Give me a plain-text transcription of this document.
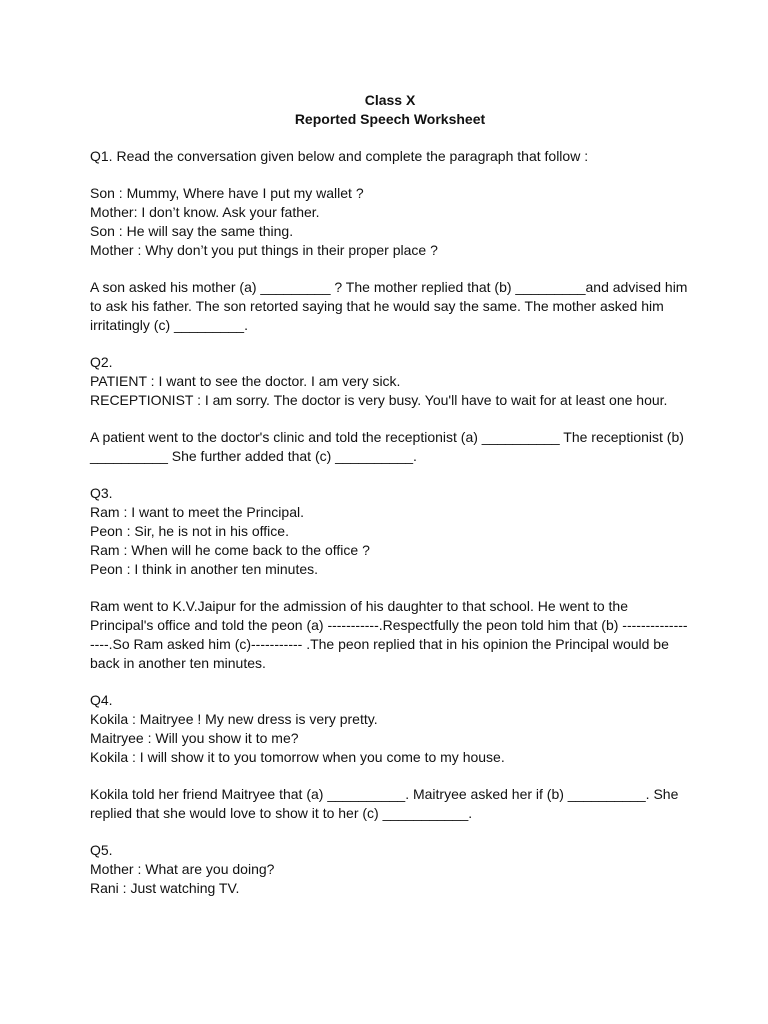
Class X

Reported Speech Worksheet

Q1. Read the conversation given below and complete the paragraph that follow :

Son : Mummy, Where have I put my wallet ?

Mother: I don’t know. Ask your father.

Son : He will say the same thing.

Mother : Why don’t you put things in their proper place ?

A son asked his mother (a) _________ ? The mother replied that (b) _________and advised him to ask his father. The son retorted saying that he would say the same. The mother asked him irritatingly (c) _________.

Q2.

PATIENT : I want to see the doctor. I am very sick.

RECEPTIONIST : I am sorry. The doctor is very busy. You'll have to wait for at least one hour.

A patient went to the doctor's clinic and told the receptionist (a) __________ The receptionist (b) __________ She further added that (c) __________.

Q3.

Ram : I want to meet the Principal.

Peon : Sir, he is not in his office.

Ram : When will he come back to the office ?

Peon : I think in another ten minutes.

Ram went to K.V.Jaipur for the admission of his daughter to that school. He went to the Principal's office and told the peon (a) -----------.Respectfully the peon told him that (b) ------------------.So Ram asked him (c)----------- .The peon replied that in his opinion the Principal would be back in another ten minutes.

Q4.

Kokila : Maitryee ! My new dress is very pretty.

Maitryee : Will you show it to me?

Kokila : I will show it to you tomorrow when you come to my house.

Kokila told her friend Maitryee that (a) __________. Maitryee asked her if (b) __________. She replied that she would love to show it to her (c) ___________.

Q5.

Mother : What are you doing?

Rani : Just watching TV.
